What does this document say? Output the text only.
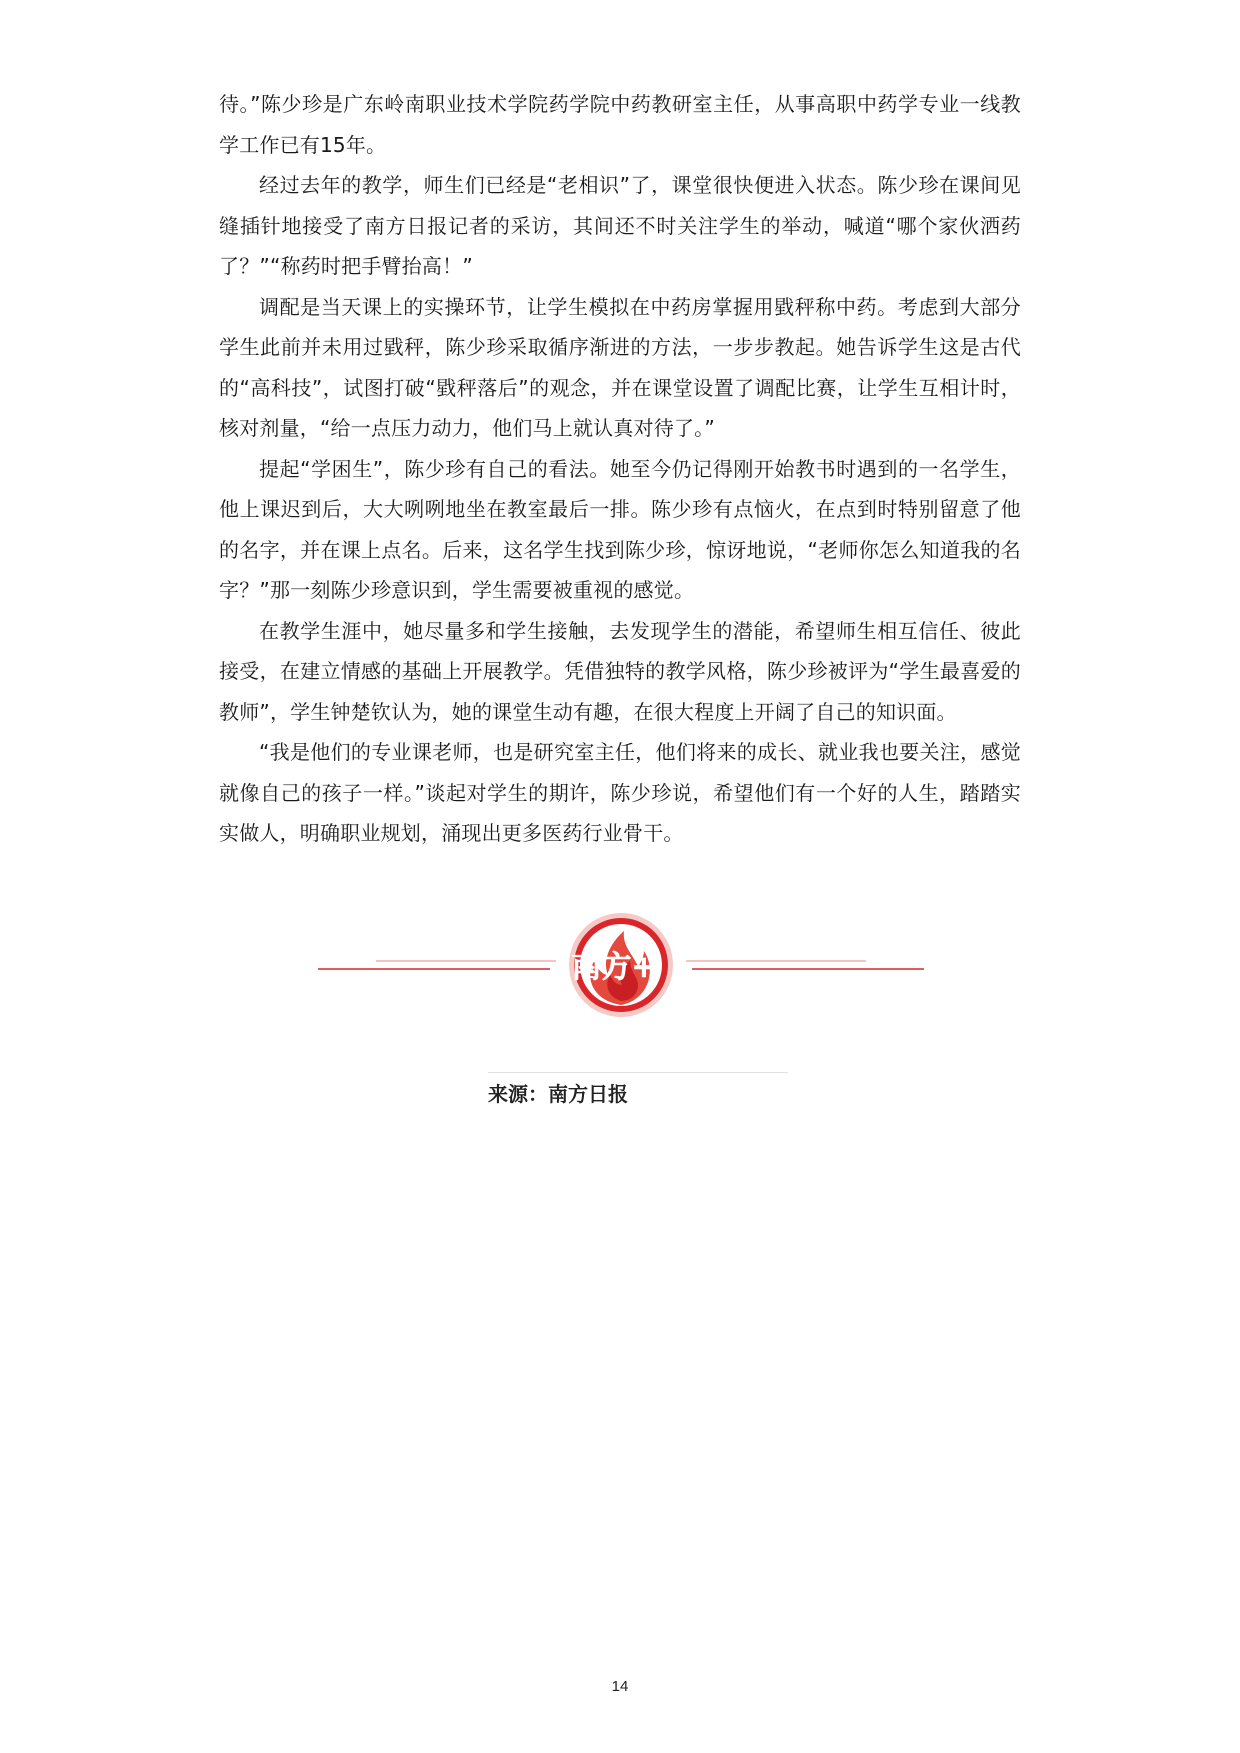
待。”陈少珍是广东岭南职业技术学院药学院中药教研室主任，从事高职中药学专业一线教学工作已有15年。

经过去年的教学，师生们已经是“老相识”了，课堂很快便进入状态。陈少珍在课间见缝插针地接受了南方日报记者的采访，其间还不时关注学生的举动，喊道“哪个家伙洒药了？”“称药时把手臂抬高！”

调配是当天课上的实操环节，让学生模拟在中药房掌握用戥秤称中药。考虑到大部分学生此前并未用过戥秤，陈少珍采取循序渐进的方法，一步步教起。她告诉学生这是古代的“高科技”，试图打破“戥秤落后”的观念，并在课堂设置了调配比赛，让学生互相计时，核对剂量，“给一点压力动力，他们马上就认真对待了。”

提起“学困生”，陈少珍有自己的看法。她至今仍记得刚开始教书时遇到的一名学生，他上课迟到后，大大咧咧地坐在教室最后一排。陈少珍有点恼火，在点到时特别留意了他的名字，并在课上点名。后来，这名学生找到陈少珍，惊讶地说，“老师你怎么知道我的名字？”那一刻陈少珍意识到，学生需要被重视的感觉。

在教学生涯中，她尽量多和学生接触，去发现学生的潜能，希望师生相互信任、彼此接受，在建立情感的基础上开展教学。凭借独特的教学风格，陈少珍被评为“学生最喜爱的教师”，学生钟楚钦认为，她的课堂生动有趣，在很大程度上开阔了自己的知识面。

“我是他们的专业课老师，也是研究室主任，他们将来的成长、就业我也要关注，感觉就像自己的孩子一样。”谈起对学生的期许，陈少珍说，希望他们有一个好的人生，踏踏实实做人，明确职业规划，涌现出更多医药行业骨干。

南方+
来源：南方日报
14
